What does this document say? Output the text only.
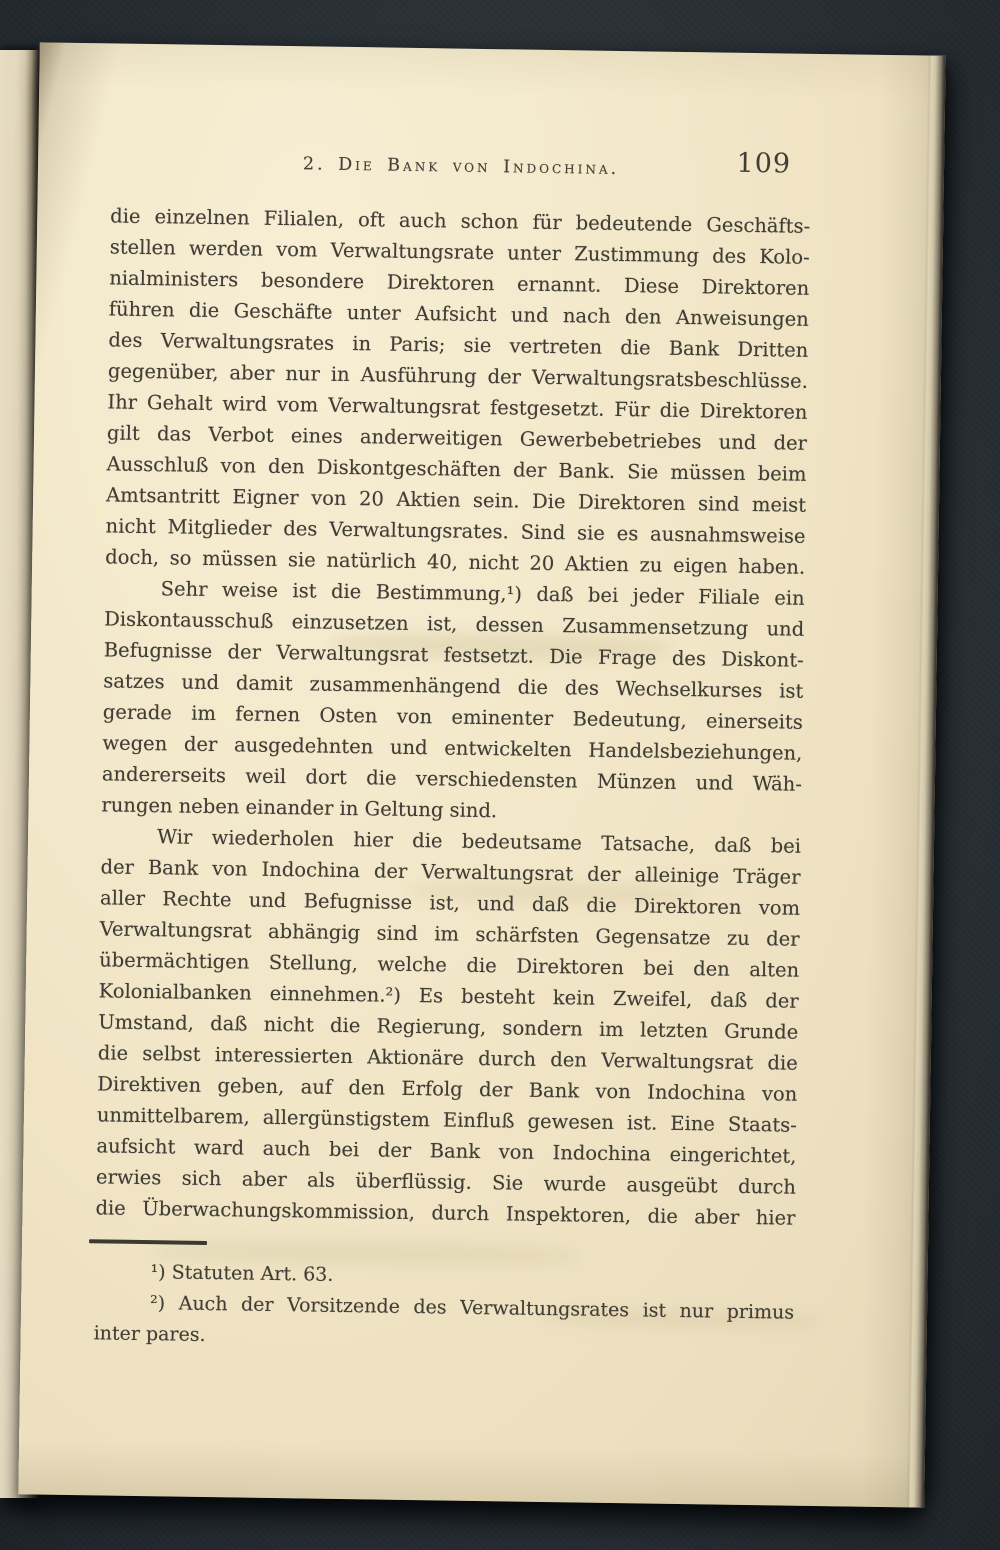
2. Die Bank von Indochina.	109
die einzelnen Filialen, oft auch schon für bedeutende Geschäfts-
stellen werden vom Verwaltungsrate unter Zustimmung des Kolo-
nialministers besondere Direktoren ernannt. Diese Direktoren
führen die Geschäfte unter Aufsicht und nach den Anweisungen
des Verwaltungsrates in Paris; sie vertreten die Bank Dritten
gegenüber, aber nur in Ausführung der Verwaltungsratsbeschlüsse.
Ihr Gehalt wird vom Verwaltungsrat festgesetzt. Für die Direktoren
gilt das Verbot eines anderweitigen Gewerbebetriebes und der
Ausschluß von den Diskontgeschäften der Bank. Sie müssen beim
Amtsantritt Eigner von 20 Aktien sein. Die Direktoren sind meist
nicht Mitglieder des Verwaltungsrates. Sind sie es ausnahmsweise
doch, so müssen sie natürlich 40, nicht 20 Aktien zu eigen haben.
Sehr weise ist die Bestimmung,¹) daß bei jeder Filiale ein
Diskontausschuß einzusetzen ist, dessen Zusammensetzung und
Befugnisse der Verwaltungsrat festsetzt. Die Frage des Diskont-
satzes und damit zusammenhängend die des Wechselkurses ist
gerade im fernen Osten von eminenter Bedeutung, einerseits
wegen der ausgedehnten und entwickelten Handelsbeziehungen,
andererseits weil dort die verschiedensten Münzen und Wäh-
rungen neben einander in Geltung sind.
Wir wiederholen hier die bedeutsame Tatsache, daß bei
der Bank von Indochina der Verwaltungsrat der alleinige Träger
aller Rechte und Befugnisse ist, und daß die Direktoren vom
Verwaltungsrat abhängig sind im schärfsten Gegensatze zu der
übermächtigen Stellung, welche die Direktoren bei den alten
Kolonialbanken einnehmen.²) Es besteht kein Zweifel, daß der
Umstand, daß nicht die Regierung, sondern im letzten Grunde
die selbst interessierten Aktionäre durch den Verwaltungsrat die
Direktiven geben, auf den Erfolg der Bank von Indochina von
unmittelbarem, allergünstigstem Einfluß gewesen ist. Eine Staats-
aufsicht ward auch bei der Bank von Indochina eingerichtet,
erwies sich aber als überflüssig. Sie wurde ausgeübt durch
die Überwachungskommission, durch Inspektoren, die aber hier
¹) Statuten Art. 63.
²) Auch der Vorsitzende des Verwaltungsrates ist nur primus
inter pares.
